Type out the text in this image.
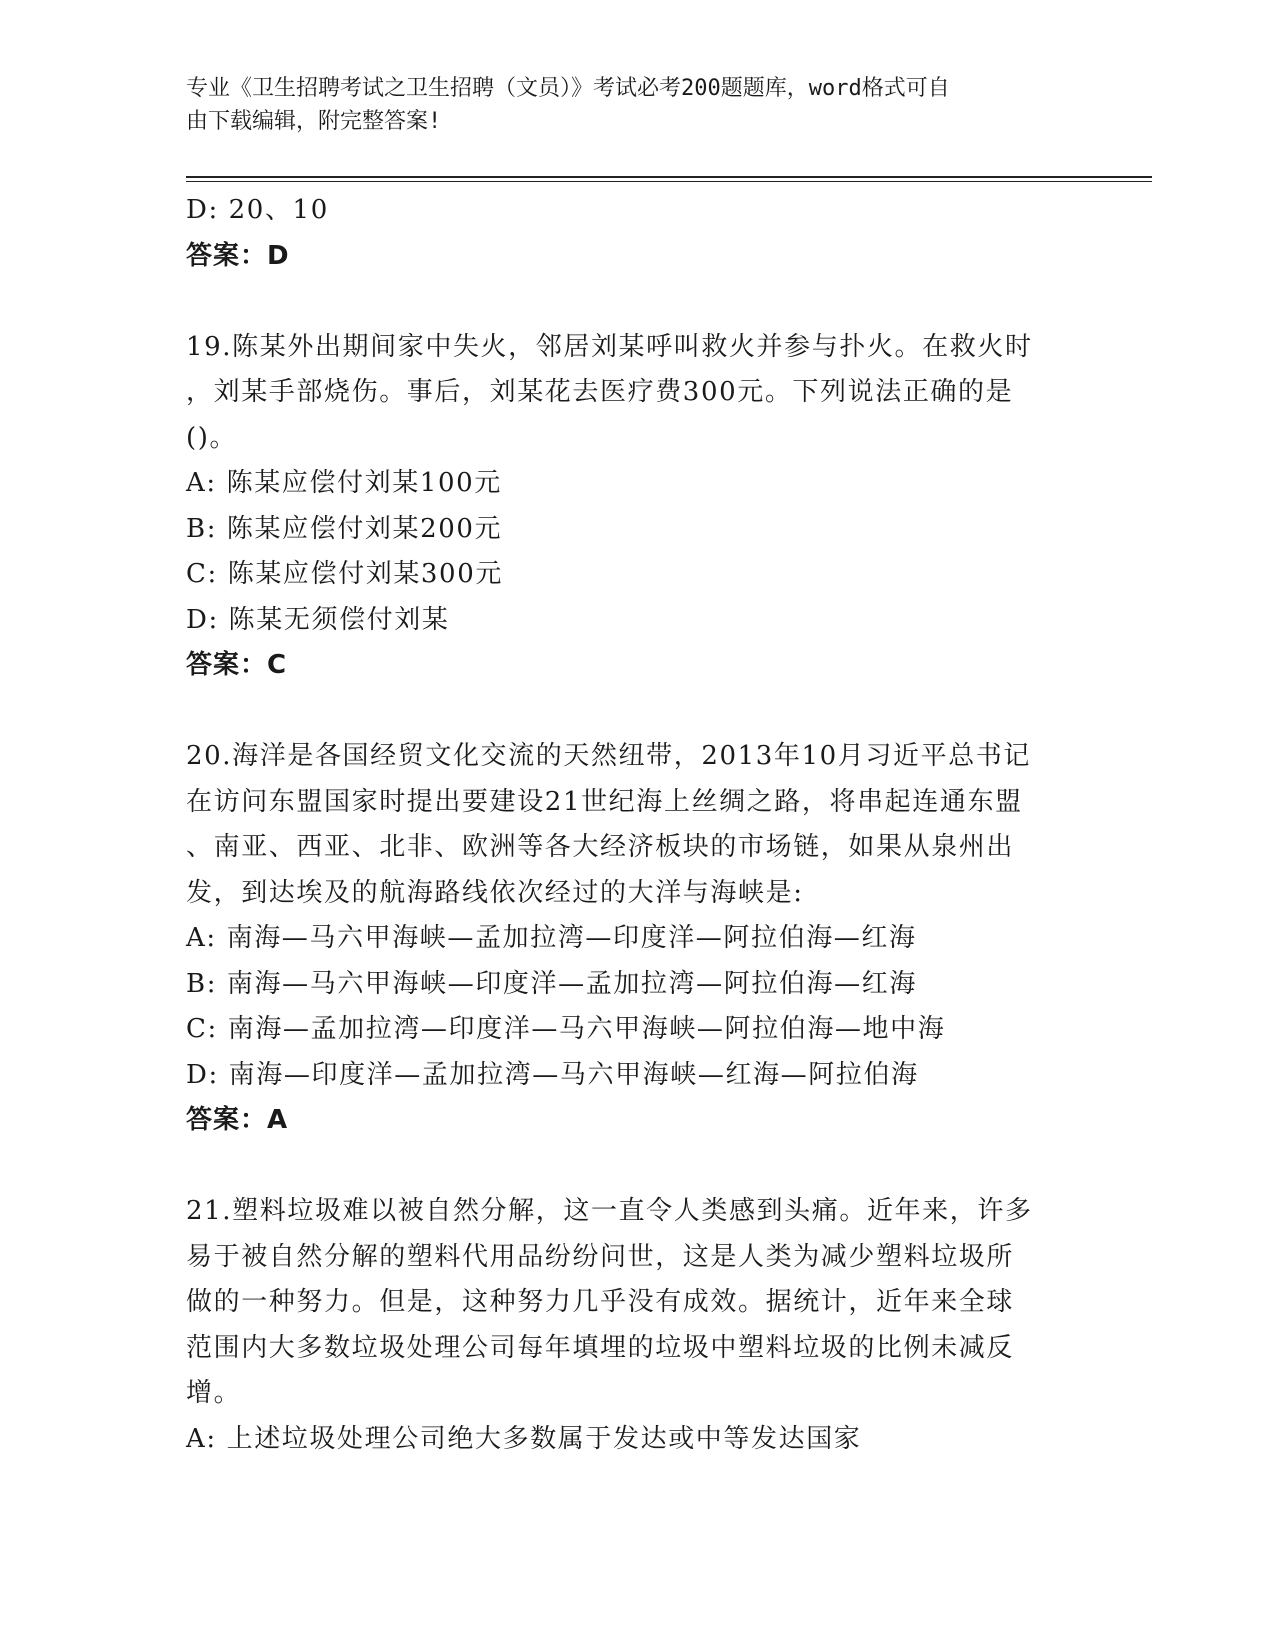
专业《卫生招聘考试之卫生招聘（文员）》考试必考200题题库，word格式可自
由下载编辑，附完整答案!
D: 20、10
答案：D
19.陈某外出期间家中失火，邻居刘某呼叫救火并参与扑火。在救火时
，刘某手部烧伤。事后，刘某花去医疗费300元。下列说法正确的是
()。
A: 陈某应偿付刘某100元
B: 陈某应偿付刘某200元
C: 陈某应偿付刘某300元
D: 陈某无须偿付刘某
答案：C
20.海洋是各国经贸文化交流的天然纽带，2013年10月习近平总书记
在访问东盟国家时提出要建设21世纪海上丝绸之路，将串起连通东盟
、南亚、西亚、北非、欧洲等各大经济板块的市场链，如果从泉州出
发，到达埃及的航海路线依次经过的大洋与海峡是:
A: 南海—马六甲海峡—孟加拉湾—印度洋—阿拉伯海—红海
B: 南海—马六甲海峡—印度洋—孟加拉湾—阿拉伯海—红海
C: 南海—孟加拉湾—印度洋—马六甲海峡—阿拉伯海—地中海
D: 南海—印度洋—孟加拉湾—马六甲海峡—红海—阿拉伯海
答案：A
21.塑料垃圾难以被自然分解，这一直令人类感到头痛。近年来，许多
易于被自然分解的塑料代用品纷纷问世，这是人类为减少塑料垃圾所
做的一种努力。但是，这种努力几乎没有成效。据统计，近年来全球
范围内大多数垃圾处理公司每年填埋的垃圾中塑料垃圾的比例未减反
增。
A: 上述垃圾处理公司绝大多数属于发达或中等发达国家
